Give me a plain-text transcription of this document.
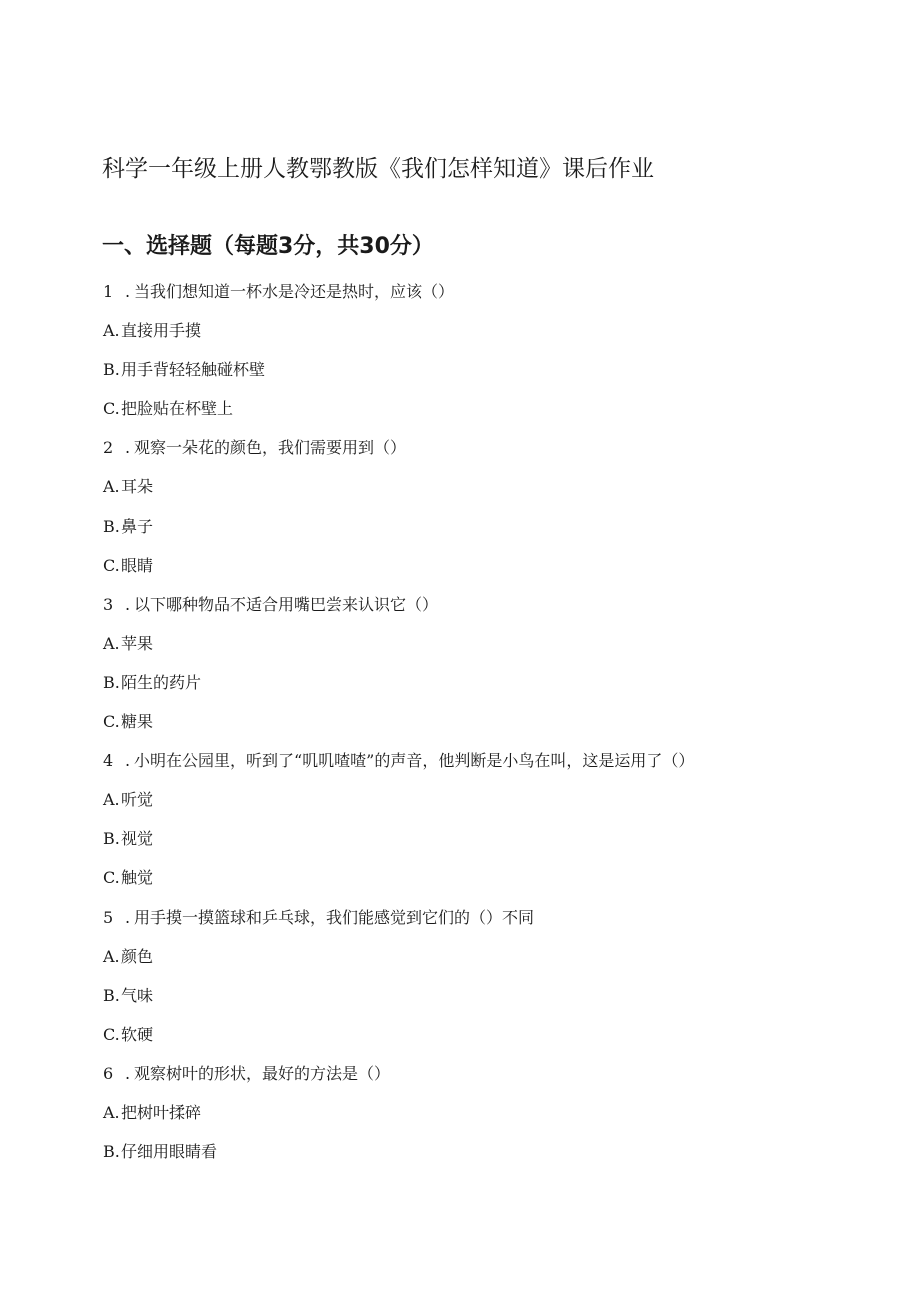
科学一年级上册人教鄂教版《我们怎样知道》课后作业
一、选择题（每题3分，共30分）
1 . 当我们想知道一杯水是冷还是热时，应该（）
A.直接用手摸
B.用手背轻轻触碰杯壁
C.把脸贴在杯壁上
2 . 观察一朵花的颜色，我们需要用到（）
A.耳朵
B.鼻子
C.眼睛
3 . 以下哪种物品不适合用嘴巴尝来认识它（）
A.苹果
B.陌生的药片
C.糖果
4 . 小明在公园里，听到了“叽叽喳喳”的声音，他判断是小鸟在叫，这是运用了（）
A.听觉
B.视觉
C.触觉
5 . 用手摸一摸篮球和乒乓球，我们能感觉到它们的（）不同
A.颜色
B.气味
C.软硬
6 . 观察树叶的形状，最好的方法是（）
A.把树叶揉碎
B.仔细用眼睛看
